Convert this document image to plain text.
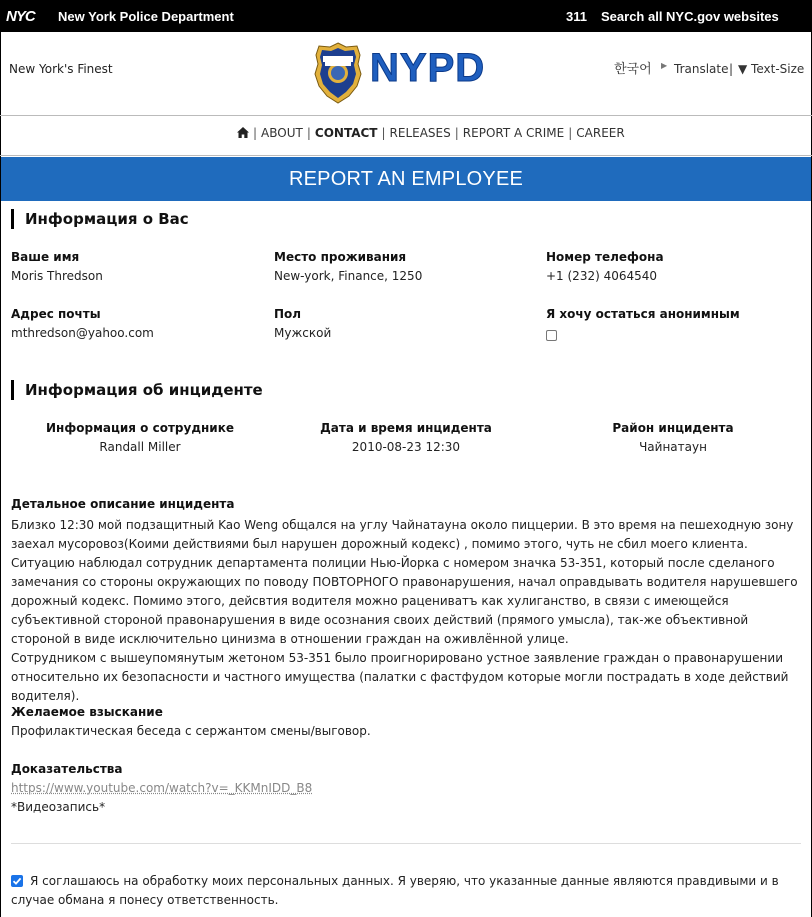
NYC New York Police Department	311 Search all NYC.gov websites
New York's Finest	NYPD	한국어 ▶ Translate | ▼ Text-Size
| ABOUT | CONTACT | RELEASES | REPORT A CRIME | CAREER
REPORT AN EMPLOYEE
Информация о Вас
Ваше имя
Moris Thredson
Место проживания
New-york, Finance, 1250
Номер телефона
+1 (232) 4064540
Адрес почты
mthredson@yahoo.com
Пол
Мужской
Я хочу остаться анонимным
Информация об инциденте
Информация о сотруднике
Randall Miller
Дата и время инцидента
2010-08-23 12:30
Район инцидента
Чайнатаун
Детальное описание инцидента

Близко 12:30 мой подзащитный Kao Weng общался на углу Чайнатауна около пиццерии. В это время на пешеходную зону заехал мусоровоз(Коими действиями был нарушен дорожный кодекс) , помимо этого, чуть не сбил моего клиента. Ситуацию наблюдал сотрудник департамента полиции Нью-Йорка с номером значка 53-351, который после сделаного замечания со стороны окружающих по поводу ПОВТОРНОГО правонарушения, начал оправдывать водителя нарушевшего дорожный кодекс. Помимо этого, дейсвтия водителя можно рацениватъ как хулиганство, в связи с имеющейся субъективной стороной правонарушения в виде осознания своих действий (прямого умысла), так-же объективной стороной в виде исключительно цинизма в отношении граждан на оживлённой улице.

Сотрудником с вышеупомянутым жетоном 53-351 было проигнорировано устное заявление граждан о правонарушении относительно их безопасности и частного имущества (палатки с фастфудом которые могли пострадать в ходе действий водителя).

Желаемое взыскание
Профилактическая беседа с сержантом смены/выговор.
Доказательства
https://www.youtube.com/watch?v=_KKMnIDD_B8
*Видеозапись*
Я соглашаюсь на обработку моих персональных данных. Я уверяю, что указанные данные являются правдивыми и в случае обмана я понесу ответственность.
